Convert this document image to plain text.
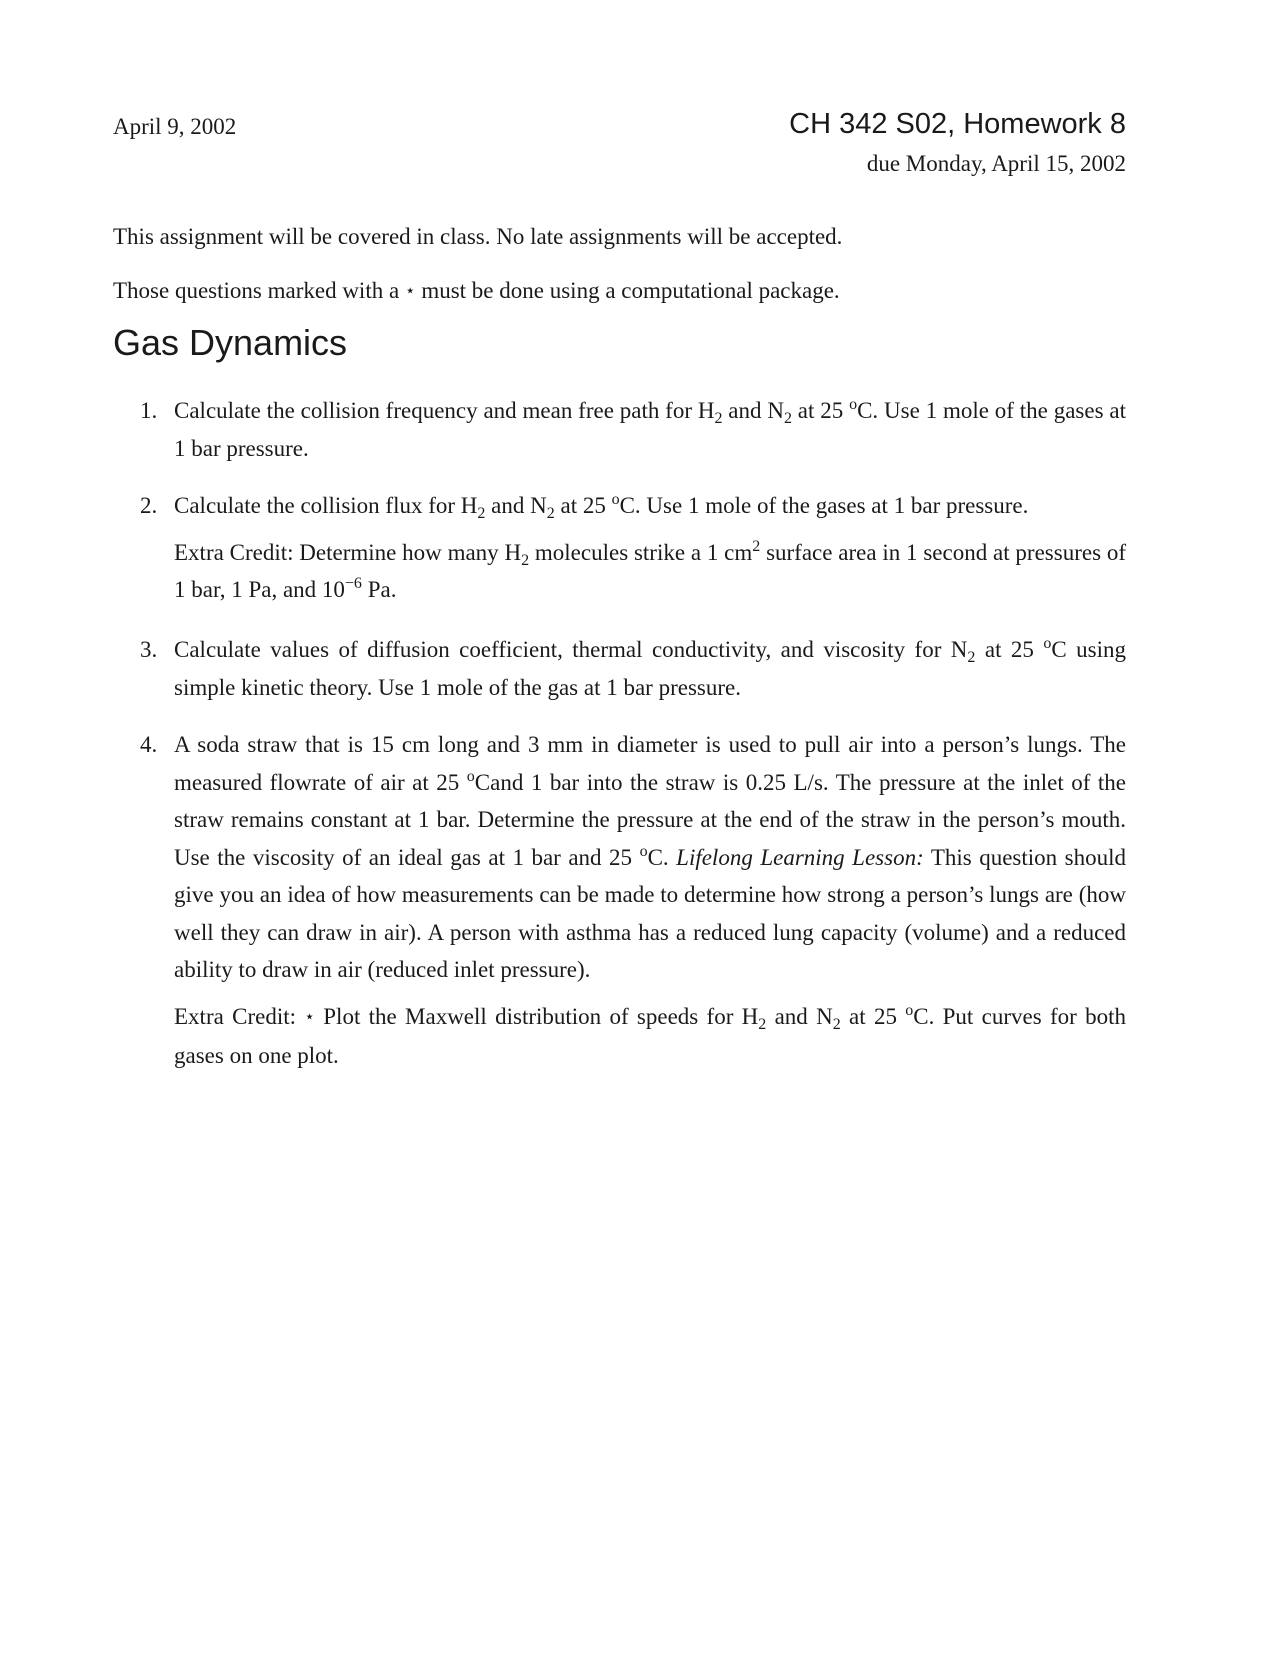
April 9, 2002	CH 342 S02, Homework 8
due Monday, April 15, 2002

This assignment will be covered in class. No late assignments will be accepted.

Those questions marked with a ⋆ must be done using a computational package.

Gas Dynamics
1. Calculate the collision frequency and mean free path for $H_2$ and $N_2$ at 25 $^o$C. Use 1 mole of the gases at 1 bar pressure.

2. Calculate the collision flux for $H_2$ and $N_2$ at 25 $^o$C. Use 1 mole of the gases at 1 bar pressure.

Extra Credit: Determine how many $H_2$ molecules strike a 1 $cm^2$ surface area in 1 second at pressures of 1 bar, 1 Pa, and $10^{-6}$ Pa.

3. Calculate values of diffusion coefficient, thermal conductivity, and viscosity for $N_2$ at 25 $^o$C using simple kinetic theory. Use 1 mole of the gas at 1 bar pressure.

4. A soda straw that is 15 cm long and 3 mm in diameter is used to pull air into a person’s lungs. The measured flowrate of air at 25 $^o$Cand 1 bar into the straw is 0.25 L/s. The pressure at the inlet of the straw remains constant at 1 bar. Determine the pressure at the end of the straw in the person’s mouth. Use the viscosity of an ideal gas at 1 bar and 25 $^o$C. Lifelong Learning Lesson: This question should give you an idea of how measurements can be made to determine how strong a person’s lungs are (how well they can draw in air). A person with asthma has a reduced lung capacity (volume) and a reduced ability to draw in air (reduced inlet pressure).

Extra Credit: ⋆ Plot the Maxwell distribution of speeds for $H_2$ and $N_2$ at 25 $^o$C. Put curves for both gases on one plot.
